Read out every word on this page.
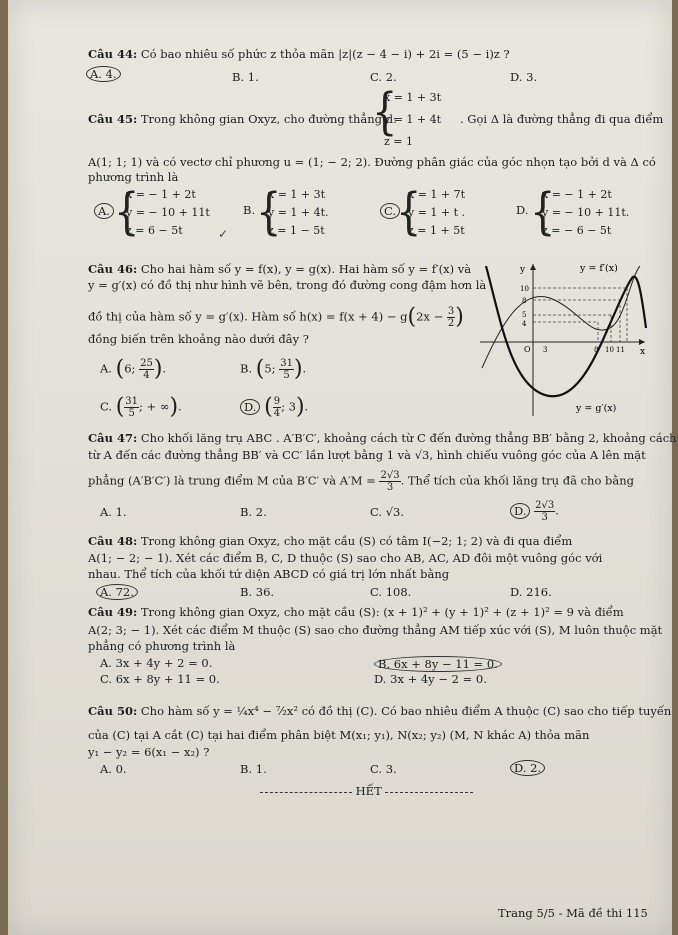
Câu 44: Có bao nhiêu số phức z thỏa mãn |z|(z − 4 − i) + 2i = (5 − i)z ?
A. 4.	B. 1.	C. 2.	D. 3.
Câu 45: Trong không gian Oxyz, cho đường thẳng d:
{
x = 1 + 3t
y = 1 + 4t
z = 1
. Gọi Δ là đường thẳng đi qua điểm
A(1; 1; 1) và có vectơ chỉ phương u = (1; − 2; 2). Đường phân giác của góc nhọn tạo bởi d và Δ có
phương trình là
A. {
x = − 1 + 2t
y = − 10 + 11t
z = 6 − 5t	✓
B. {
x = 1 + 3t
y = 1 + 4t.
z = 1 − 5t
C. {
x = 1 + 7t
y = 1 + t .
z = 1 + 5t
D. {
x = − 1 + 2t
y = − 10 + 11t.
z = − 6 − 5t
Câu 46: Cho hai hàm số y = f(x), y = g(x). Hai hàm số y = f′(x) và
y = g′(x) có đồ thị như hình vẽ bên, trong đó đường cong đậm hơn là
đồ thị của hàm số y = g′(x). Hàm số $h(x) = f(x + 4) - g(2x - \frac{3}{2}$ )
đồng biến trên khoảng nào dưới đây ?
A. (6; $\frac{25}{4}$ ).	B. (5; $\frac{31}{5}$ ).
C. ( $\frac{31}{5}$ ; + ∞).	D. ( $\frac{9}{4}$ ; 3).
y = f′(x)
y = g′(x)
y
x
O
10
8
5
4
3	8 10 11
Câu 47: Cho khối lăng trụ ABC . A′B′C′, khoảng cách từ C đến đường thẳng BB′ bằng 2, khoảng cách
từ A đến các đường thẳng BB′ và CC′ lần lượt bằng 1 và √3, hình chiếu vuông góc của A lên mặt
phẳng (A′B′C′) là trung điểm M của B′C′ và $A'M = \frac{2√3}{3}$ . Thể tích của khối lăng trụ đã cho bằng
A. 1.	B. 2.	C. √3.	D. $\frac{2√3}{3}$ .
Câu 48: Trong không gian Oxyz, cho mặt cầu (S) có tâm I(−2; 1; 2) và đi qua điểm
A(1; − 2; − 1). Xét các điểm B, C, D thuộc (S) sao cho AB, AC, AD đôi một vuông góc với
nhau. Thể tích của khối tứ diện ABCD có giá trị lớn nhất bằng
A. 72.	B. 36.	C. 108.	D. 216.
Câu 49: Trong không gian Oxyz, cho mặt cầu (S): (x + 1)² + (y + 1)² + (z + 1)² = 9 và điểm
A(2; 3; − 1). Xét các điểm M thuộc (S) sao cho đường thẳng AM tiếp xúc với (S), M luôn thuộc mặt
phẳng có phương trình là
A. 3x + 4y + 2 = 0.	B. 6x + 8y − 11 = 0.
C. 6x + 8y + 11 = 0.	D. 3x + 4y − 2 = 0.
Câu 50: Cho hàm số y = ¼x⁴ − ⁷⁄₂x² có đồ thị (C). Có bao nhiêu điểm A thuộc (C) sao cho tiếp tuyến
của (C) tại A cắt (C) tại hai điểm phân biệt M(x₁; y₁), N(x₂; y₂) (M, N khác A) thỏa mãn
y₁ − y₂ = 6(x₁ − x₂) ?
A. 0.	B. 1.	C. 3.	D. 2.
HẾT
Trang 5/5 - Mã đề thi 115
